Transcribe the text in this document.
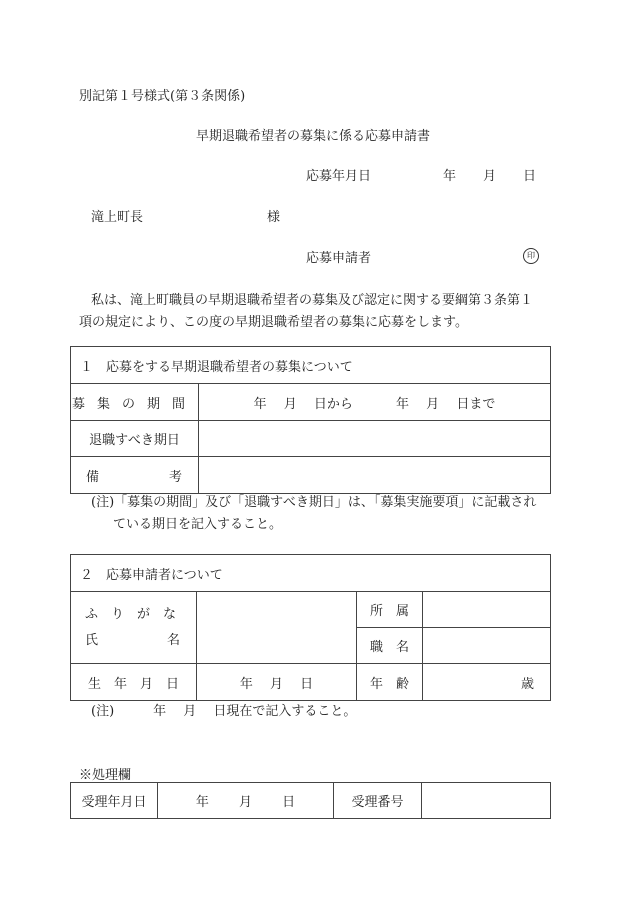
別記第１号様式(第３条関係)
早期退職希望者の募集に係る応募申請書
応募年月日	年 月 日
滝上町長	様
応募申請者	印
私は、滝上町職員の早期退職希望者の募集及び認定に関する要綱第３条第１
項の規定により、この度の早期退職希望者の募集に応募をします。
１　応募をする早期退職希望者の募集について	
募集の期間	年　 月　 日から　　　 年　 月　 日まで
退職すべき期日	

備 考	

(注)「募集の期間」及び「退職すべき期日」は、「募集実施要項」に記載され
ている期日を記入すること。
２　応募申請者について			

ふ　り　が　な
氏 名		所　属	
		職　名	
生　年　月　日	年　 月　 日	年　齢	歳
(注)　　　年　 月　 日現在で記入すること。
※処理欄
受理年月日	年　　 月　　 日	受理番号	
